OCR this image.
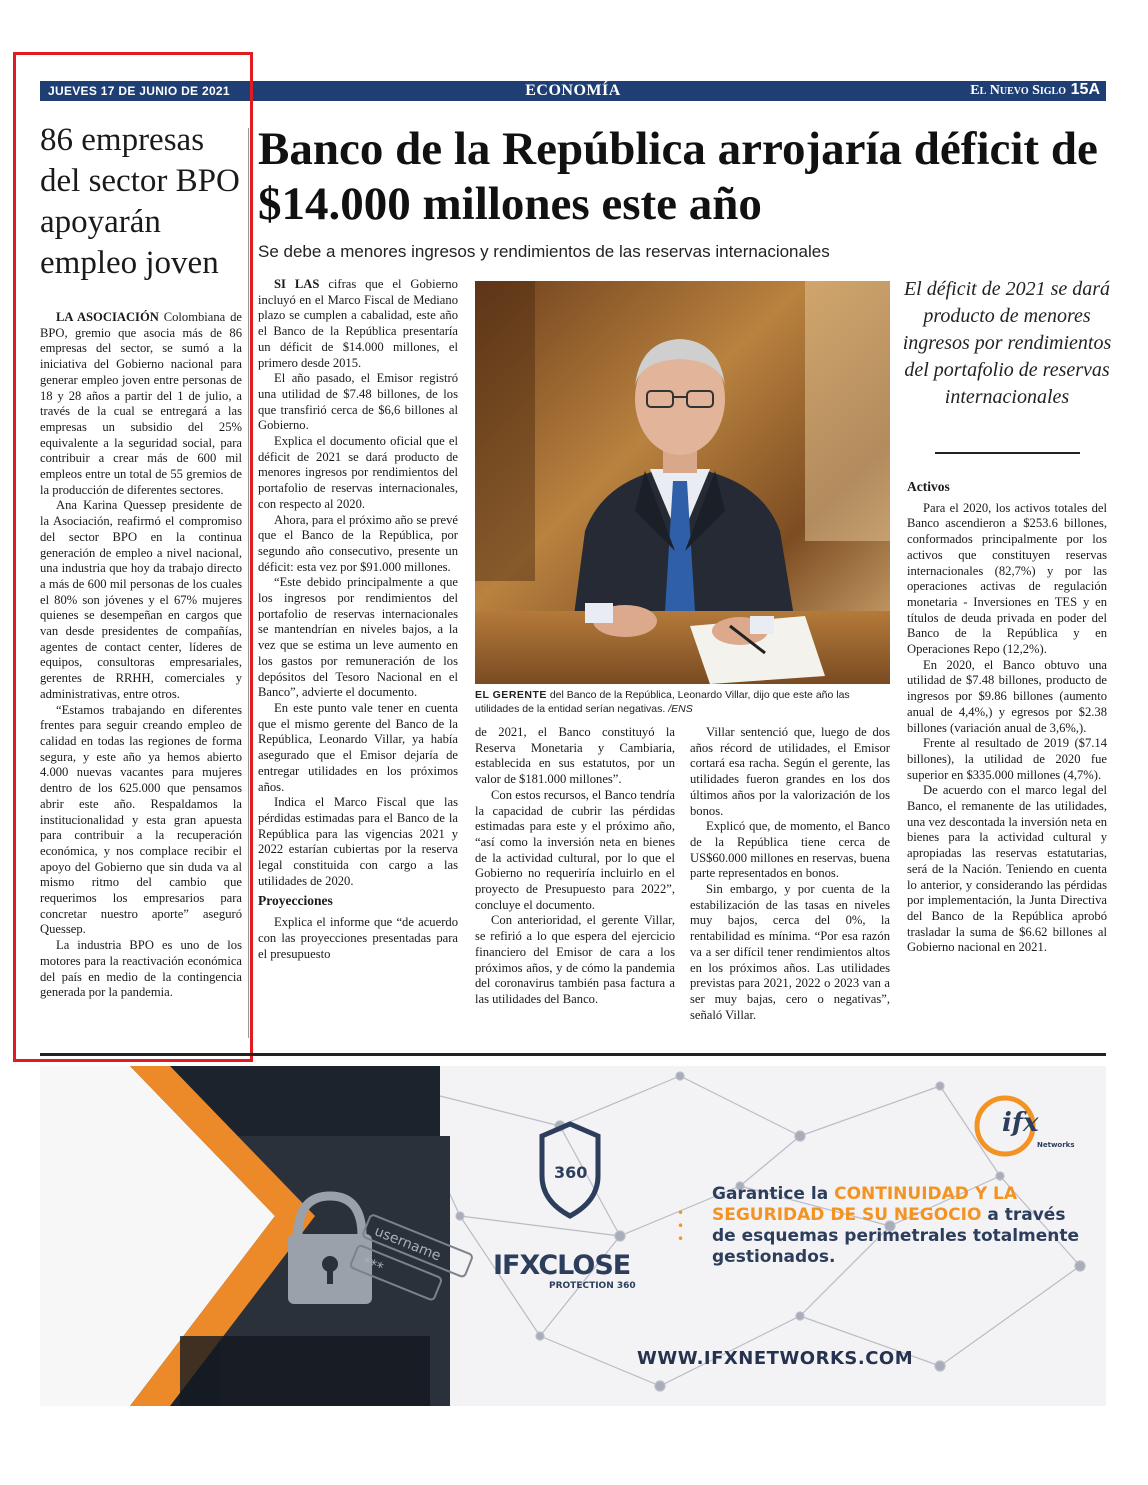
JUEVES 17 DE JUNIO DE 2021	ECONOMÍA	El Nuevo Siglo 15A
86 empresas del sector BPO apoyarán empleo joven

LA ASOCIACIÓN Colombiana de BPO, gremio que asocia más de 86 empresas del sector, se sumó a la iniciativa del Gobierno nacional para generar empleo joven entre personas de 18 y 28 años a partir del 1 de julio, a través de la cual se entregará a las empresas un subsidio del 25% equivalente a la seguridad social, para contribuir a crear más de 600 mil empleos entre un total de 55 gremios de la producción de diferentes sectores.

Ana Karina Quessep presidente de la Asociación, reafirmó el compromiso del sector BPO en la continua generación de empleo a nivel nacional, una industria que hoy da trabajo directo a más de 600 mil personas de los cuales el 80% son jóvenes y el 67% mujeres quienes se desempeñan en cargos que van desde presidentes de compañías, agentes de contact center, líderes de equipos, consultoras empresariales, gerentes de RRHH, comerciales y administrativas, entre otros.

“Estamos trabajando en diferentes frentes para seguir creando empleo de calidad en todas las regiones de forma segura, y este año ya hemos abierto 4.000 nuevas vacantes para mujeres dentro de los 625.000 que pensamos abrir este año. Respaldamos la institucionalidad y esta gran apuesta para contribuir a la recuperación económica, y nos complace recibir el apoyo del Gobierno que sin duda va al mismo ritmo del cambio que requerimos los empresarios para concretar nuestro aporte” aseguró Quessep.

La industria BPO es uno de los motores para la reactivación económica del país en medio de la contingencia generada por la pandemia.

Banco de la República arrojaría déficit de $14.000 millones este año
Se debe a menores ingresos y rendimientos de las reservas internacionales

SI LAS cifras que el Gobierno incluyó en el Marco Fiscal de Mediano plazo se cumplen a cabalidad, este año el Banco de la República presentaría un déficit de $14.000 millones, el primero desde 2015.

El año pasado, el Emisor registró una utilidad de $7.48 billones, de los que transfirió cerca de $6,6 billones al Gobierno.

Explica el documento oficial que el déficit de 2021 se dará producto de menores ingresos por rendimientos del portafolio de reservas internacionales, con respecto al 2020.

Ahora, para el próximo año se prevé que el Banco de la República, por segundo año consecutivo, presente un déficit: esta vez por $91.000 millones.

“Este debido principalmente a que los ingresos por rendimientos del portafolio de reservas internacionales se mantendrían en niveles bajos, a la vez que se estima un leve aumento en los gastos por remuneración de los depósitos del Tesoro Nacional en el Banco”, advierte el documento.

En este punto vale tener en cuenta que el mismo gerente del Banco de la República, Leonardo Villar, ya había asegurado que el Emisor dejaría de entregar utilidades en los próximos años.

Indica el Marco Fiscal que las pérdidas estimadas para el Banco de la República para las vigencias 2021 y 2022 estarían cubiertas por la reserva legal constituida con cargo a las utilidades de 2020.

Proyecciones

Explica el informe que “de acuerdo con las proyecciones presentadas para el presupuesto

EL GERENTE del Banco de la República, Leonardo Villar, dijo que este año las utilidades de la entidad serían negativas. /ENS

de 2021, el Banco constituyó la Reserva Monetaria y Cambiaria, establecida en sus estatutos, por un valor de $181.000 millones”.

Con estos recursos, el Banco tendría la capacidad de cubrir las pérdidas estimadas para este y el próximo año, “así como la inversión neta en bienes de la actividad cultural, por lo que el Gobierno no requeriría incluirlo en el proyecto de Presupuesto para 2022”, concluye el documento.

Con anterioridad, el gerente Villar, se refirió a lo que espera del ejercicio financiero del Emisor de cara a los próximos años, y de cómo la pandemia del coronavirus también pasa factura a las utilidades del Banco.

Villar sentenció que, luego de dos años récord de utilidades, el Emisor cortará esa racha. Según el gerente, las utilidades fueron grandes en los dos últimos años por la valorización de los bonos.

Explicó que, de momento, el Banco de la República tiene cerca de US$60.000 millones en reservas, buena parte representados en bonos.

Sin embargo, y por cuenta de la estabilización de las tasas en niveles muy bajos, cerca del 0%, la rentabilidad es mínima. “Por esa razón va a ser difícil tener rendimientos altos en los próximos años. Las utilidades previstas para 2021, 2022 o 2023 van a ser muy bajas, cero o negativas”, señaló Villar.

El déficit de 2021 se dará producto de menores ingresos por rendimientos del portafolio de reservas internacionales
Activos

Para el 2020, los activos totales del Banco ascendieron a $253.6 billones, conformados principalmente por los activos que constituyen reservas internacionales (82,7%) y por las operaciones activas de regulación monetaria - Inversiones en TES y en títulos de deuda privada en poder del Banco de la República y en Operaciones Repo (12,2%).

En 2020, el Banco obtuvo una utilidad de $7.48 billones, producto de ingresos por $9.86 billones (aumento anual de 4,4%,) y egresos por $2.38 billones (variación anual de 3,6%,).

Frente al resultado de 2019 ($7.14 billones), la utilidad de 2020 fue superior en $335.000 millones (4,7%).

De acuerdo con el marco legal del Banco, el remanente de las utilidades, una vez descontada la inversión neta en bienes para la actividad cultural y apropiadas las reservas estatutarias, será de la Nación. Teniendo en cuenta lo anterior, y considerando las pérdidas por implementación, la Junta Directiva del Banco de la República aprobó trasladar la suma de $6.62 billones al Gobierno nacional en 2021.

username
***
360
ifx
Networks
IFXCLOSE
PROTECTION 360
•
•
•
Garantice la CONTINUIDAD Y LA SEGURIDAD DE SU NEGOCIO a través de esquemas perimetrales totalmente gestionados.
WWW.IFXNETWORKS.COM
